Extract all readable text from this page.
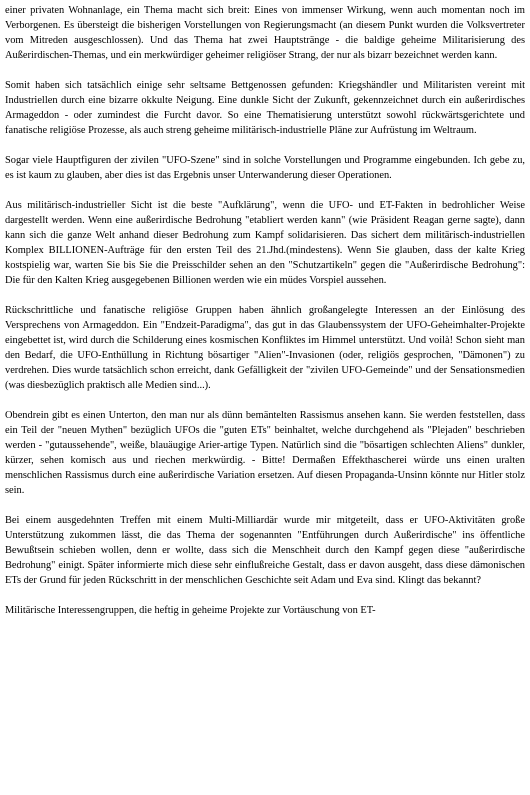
einer privaten Wohnanlage, ein Thema macht sich breit: Eines von immenser Wirkung, wenn auch momentan noch im Verborgenen. Es übersteigt die bisherigen Vorstellungen von Regierungsmacht (an diesem Punkt wurden die Volksvertreter vom Mitreden ausgeschlossen). Und das Thema hat zwei Hauptstränge - die baldige geheime Militarisierung des Außerirdischen-Themas, und ein merkwürdiger geheimer religiöser Strang, der nur als bizarr bezeichnet werden kann.

Somit haben sich tatsächlich einige sehr seltsame Bettgenossen gefunden: Kriegshändler und Militaristen vereint mit Industriellen durch eine bizarre okkulte Neigung. Eine dunkle Sicht der Zukunft, gekennzeichnet durch ein außerirdisches Armageddon - oder zumindest die Furcht davor. So eine Thematisierung unterstützt sowohl rückwärtsgerichtete und fanatische religiöse Prozesse, als auch streng geheime militärisch-industrielle Pläne zur Aufrüstung im Weltraum.

Sogar viele Hauptfiguren der zivilen "UFO-Szene" sind in solche Vorstellungen und Programme eingebunden. Ich gebe zu, es ist kaum zu glauben, aber dies ist das Ergebnis unser Unterwanderung dieser Operationen.

Aus militärisch-industrieller Sicht ist die beste "Aufklärung", wenn die UFO- und ET-Fakten in bedrohlicher Weise dargestellt werden. Wenn eine außerirdische Bedrohung "etabliert werden kann" (wie Präsident Reagan gerne sagte), dann kann sich die ganze Welt anhand dieser Bedrohung zum Kampf solidarisieren. Das sichert dem militärisch-industriellen Komplex BILLIONEN-Aufträge für den ersten Teil des 21.Jhd.(mindestens). Wenn Sie glauben, dass der kalte Krieg kostspielig war, warten Sie bis Sie die Preisschilder sehen an den "Schutzartikeln" gegen die "Außerirdische Bedrohung": Die für den Kalten Krieg ausgegebenen Billionen werden wie ein müdes Vorspiel aussehen.

Rückschrittliche und fanatische religiöse Gruppen haben ähnlich großangelegte Interessen an der Einlösung des Versprechens von Armageddon. Ein "Endzeit-Paradigma", das gut in das Glaubenssystem der UFO-Geheimhalter-Projekte eingebettet ist, wird durch die Schilderung eines kosmischen Konfliktes im Himmel unterstützt. Und voilà! Schon sieht man den Bedarf, die UFO-Enthüllung in Richtung bösartiger "Alien"-Invasionen (oder, religiös gesprochen, "Dämonen") zu verdrehen. Dies wurde tatsächlich schon erreicht, dank Gefälligkeit der "zivilen UFO-Gemeinde" und der Sensationsmedien (was diesbezüglich praktisch alle Medien sind...).

Obendrein gibt es einen Unterton, den man nur als dünn bemäntelten Rassismus ansehen kann. Sie werden feststellen, dass ein Teil der "neuen Mythen" bezüglich UFOs die "guten ETs" beinhaltet, welche durchgehend als "Plejaden" beschrieben werden - "gutaussehende", weiße, blauäugige Arier-artige Typen. Natürlich sind die "bösartigen schlechten Aliens" dunkler, kürzer, sehen komisch aus und riechen merkwürdig. - Bitte! Dermaßen Effekthascherei würde uns einen uralten menschlichen Rassismus durch eine außerirdische Variation ersetzen. Auf diesen Propaganda-Unsinn könnte nur Hitler stolz sein.

Bei einem ausgedehnten Treffen mit einem Multi-Milliardär wurde mir mitgeteilt, dass er UFO-Aktivitäten große Unterstützung zukommen lässt, die das Thema der sogenannten "Entführungen durch Außerirdische" ins öffentliche Bewußtsein schieben wollen, denn er wollte, dass sich die Menschheit durch den Kampf gegen diese "außerirdische Bedrohung" einigt. Später informierte mich diese sehr einflußreiche Gestalt, dass er davon ausgeht, dass diese dämonischen ETs der Grund für jeden Rückschritt in der menschlichen Geschichte seit Adam und Eva sind. Klingt das bekannt?

Militärische Interessengruppen, die heftig in geheime Projekte zur Vortäuschung von ET-
